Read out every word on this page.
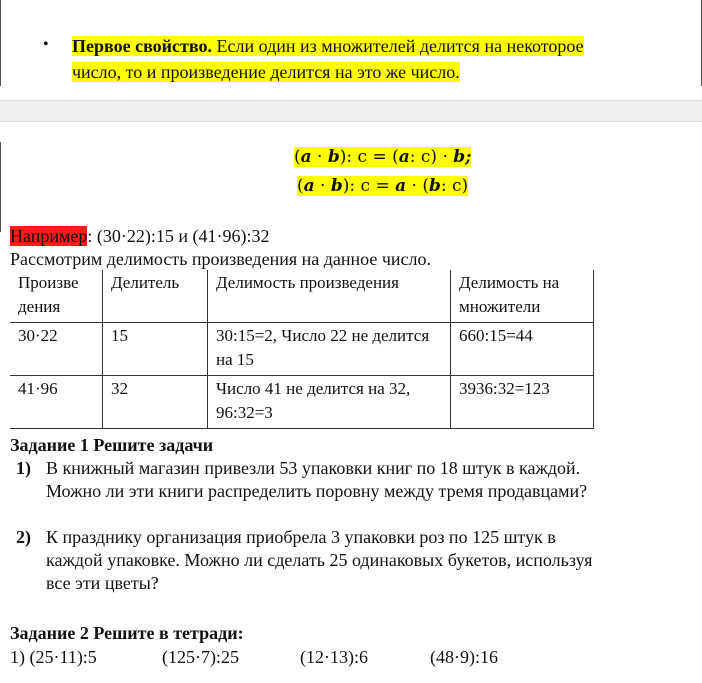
• Первое свойство. Если один из множителей делится на некоторое
число, то и произведение делится на это же число.
(a · b): с = (a: с) · b;
(a · b): с = a · (b: с)
Например: (30·22):15 и (41·96):32
Рассмотрим делимость произведения на данное число.
Произве дения	Делитель	Делимость произведения	Делимость на множители
30·22	15	30:15=2, Число 22 не делится на 15	660:15=44
41·96	32	Число 41 не делится на 32, 96:32=3	3936:32=123
Задание 1 Решите задачи
1) В книжный магазин привезли 53 упаковки книг по 18 штук в каждой.
Можно ли эти книги распределить поровну между тремя продавцами?
2) К празднику организация приобрела 3 упаковки роз по 125 штук в
каждой упаковке. Можно ли сделать 25 одинаковых букетов, используя
все эти цветы?
Задание 2 Решите в тетради:
1) (25·11):5	(125·7):25	(12·13):6	(48·9):16
